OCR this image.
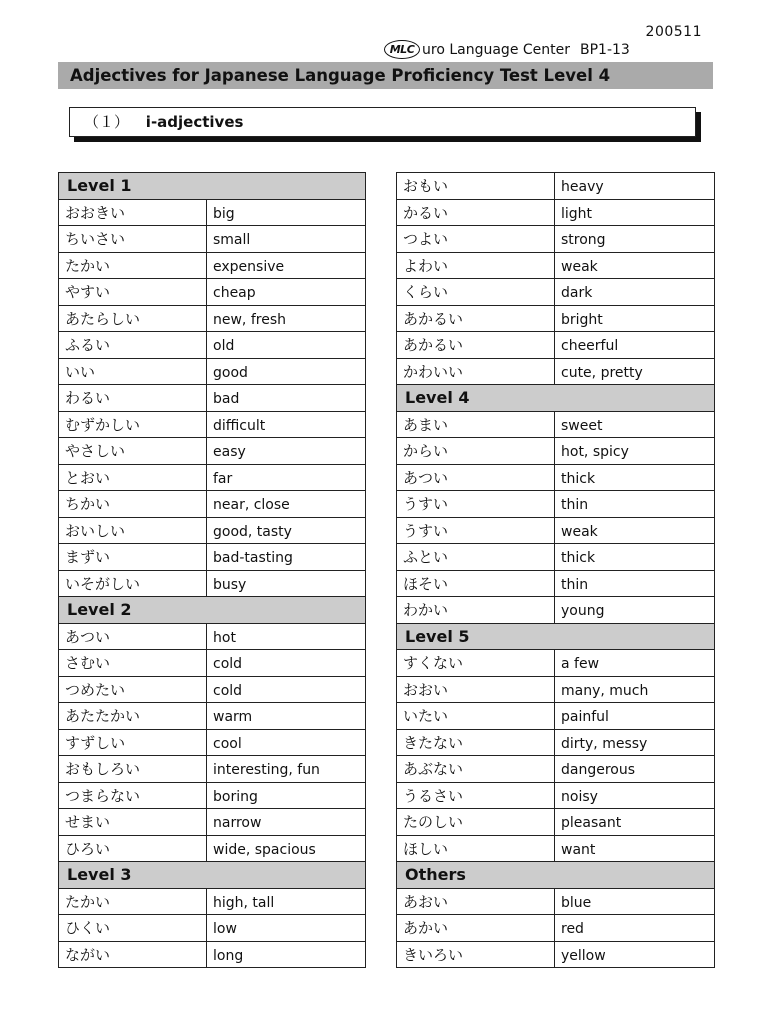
200511
MLC uro Language Center BP1-13
Adjectives for Japanese Language Proficiency Test Level 4
（１） i-adjectives
Level 1	
おおきい	big
ちいさい	small
たかい	expensive
やすい	cheap
あたらしい	new, fresh
ふるい	old
いい	good
わるい	bad
むずかしい	difficult
やさしい	easy
とおい	far
ちかい	near, close
おいしい	good, tasty
まずい	bad-tasting
いそがしい	busy
Level 2	
あつい	hot
さむい	cold
つめたい	cold
あたたかい	warm
すずしい	cool
おもしろい	interesting, fun
つまらない	boring
せまい	narrow
ひろい	wide, spacious
Level 3	
たかい	high, tall
ひくい	low
ながい	long
おもい	heavy
かるい	light
つよい	strong
よわい	weak
くらい	dark
あかるい	bright
あかるい	cheerful
かわいい	cute, pretty
Level 4	
あまい	sweet
からい	hot, spicy
あつい	thick
うすい	thin
うすい	weak
ふとい	thick
ほそい	thin
わかい	young
Level 5	
すくない	a few
おおい	many, much
いたい	painful
きたない	dirty, messy
あぶない	dangerous
うるさい	noisy
たのしい	pleasant
ほしい	want
Others	
あおい	blue
あかい	red
きいろい	yellow
